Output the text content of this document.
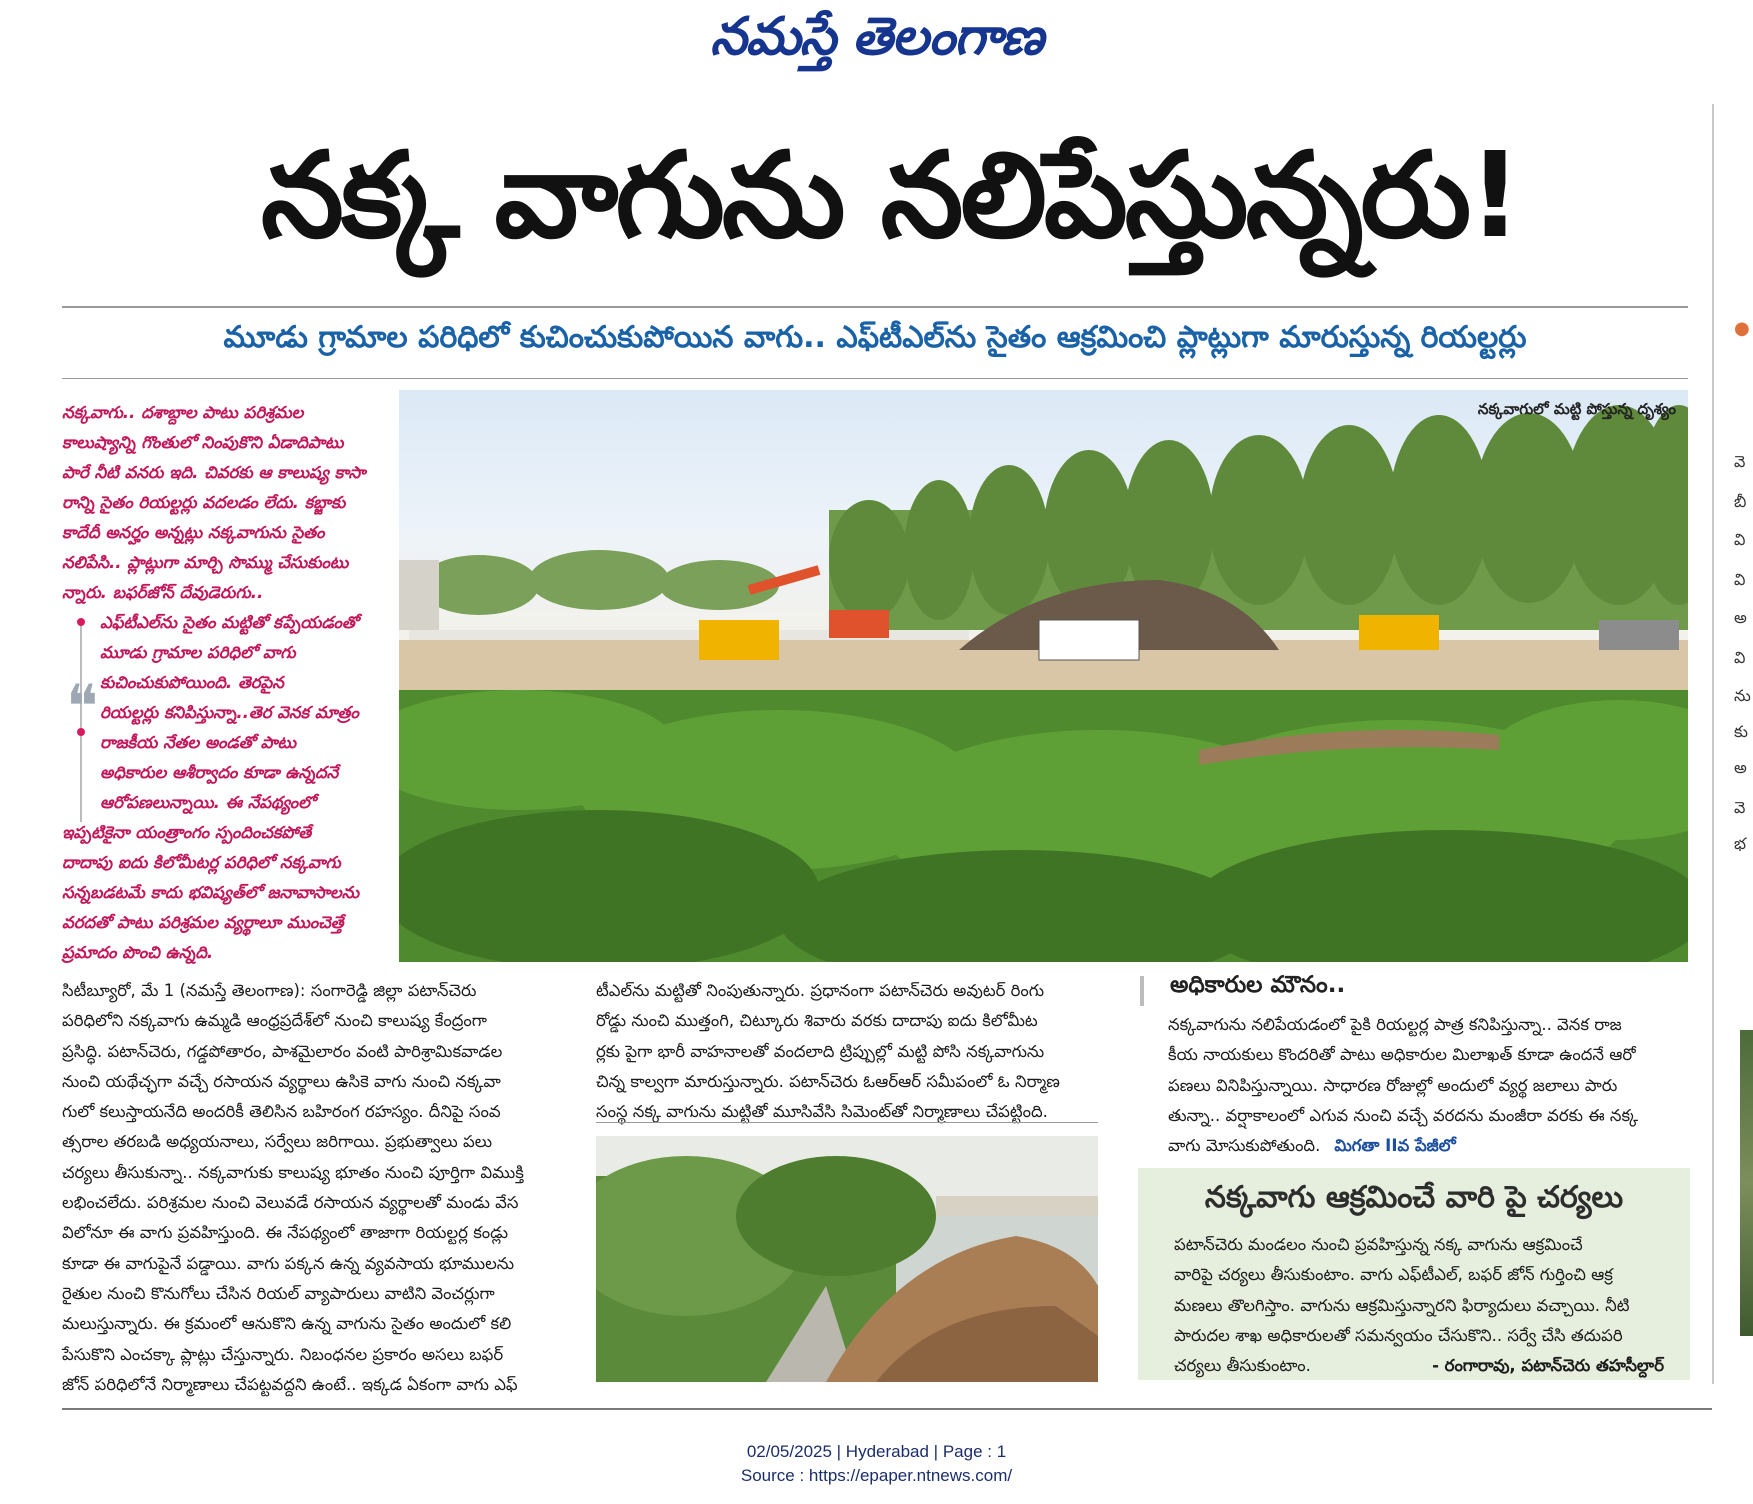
నమస్తే తెలంగాణ
నక్క వాగును నలిపేస్తున్నరు!
మూడు గ్రామాల పరిధిలో కుచించుకుపోయిన వాగు.. ఎఫ్‌టీఎల్‌ను సైతం ఆక్రమించి ప్లాట్లుగా మారుస్తున్న రియల్టర్లు	●
వె
బీ
వి
వి
అ
వి
ను
కు
అ
వె
భ
❝
నక్కవాగు.. దశాబ్దాల పాటు పరిశ్రమల
కాలుష్యాన్ని గొంతులో నింపుకొని ఏడాదిపాటు
పారే నీటి వనరు ఇది. చివరకు ఆ కాలుష్య కాసా
రాన్ని సైతం రియల్టర్లు వదలడం లేదు. కబ్జాకు
కాదేదీ అనర్హం అన్నట్లు నక్కవాగును సైతం
నలిపేసి.. ప్లాట్లుగా మార్చి సొమ్ము చేసుకుంటు
న్నారు. బఫర్‌జోన్ దేవుడెరుగు..
ఎఫ్‌టీఎల్‌ను సైతం మట్టితో కప్పేయడంతో
మూడు గ్రామాల పరిధిలో వాగు
కుచించుకుపోయింది. తెరపైన
రియల్టర్లు కనిపిస్తున్నా..తెర వెనక మాత్రం
రాజకీయ నేతల అండతో పాటు
అధికారుల ఆశీర్వాదం కూడా ఉన్నదనే
ఆరోపణలున్నాయి. ఈ నేపథ్యంలో
ఇప్పటికైనా యంత్రాంగం స్పందించకపోతే
దాదాపు ఐదు కిలోమీటర్ల పరిధిలో నక్కవాగు
సన్నబడటమే కాదు భవిష్యత్‌లో జనావాసాలను
వరదతో పాటు పరిశ్రమల వ్యర్థాలూ ముంచెత్తే
ప్రమాదం పొంచి ఉన్నది.
నక్కవాగులో మట్టి పోస్తున్న దృశ్యం
సిటీబ్యూరో, మే 1 (నమస్తే తెలంగాణ): సంగారెడ్డి జిల్లా పటాన్‌చెరు
పరిధిలోని నక్కవాగు ఉమ్మడి ఆంధ్రప్రదేశ్‌లో నుంచి కాలుష్య కేంద్రంగా
ప్రసిద్ధి. పటాన్‌చెరు, గడ్డపోతారం, పాశమైలారం వంటి పారిశ్రామికవాడల
నుంచి యథేచ్ఛగా వచ్చే రసాయన వ్యర్థాలు ఉసికె వాగు నుంచి నక్కవా
గులో కలుస్తాయనేది అందరికీ తెలిసిన బహిరంగ రహస్యం. దీనిపై సంవ
త్సరాల తరబడి అధ్యయనాలు, సర్వేలు జరిగాయి. ప్రభుత్వాలు పలు
చర్యలు తీసుకున్నా.. నక్కవాగుకు కాలుష్య భూతం నుంచి పూర్తిగా విముక్తి
లభించలేదు. పరిశ్రమల నుంచి వెలువడే రసాయన వ్యర్థాలతో మండు వేస
విలోనూ ఈ వాగు ప్రవహిస్తుంది. ఈ నేపథ్యంలో తాజాగా రియల్టర్ల కండ్లు
కూడా ఈ వాగుపైనే పడ్డాయి. వాగు పక్కన ఉన్న వ్యవసాయ భూములను
రైతుల నుంచి కొనుగోలు చేసిన రియల్ వ్యాపారులు వాటిని వెంచర్లుగా
మలుస్తున్నారు. ఈ క్రమంలో ఆనుకొని ఉన్న వాగును సైతం అందులో కలి
పేసుకొని ఎంచక్కా ప్లాట్లు చేస్తున్నారు. నిబంధనల ప్రకారం అసలు బఫర్
జోన్ పరిధిలోనే నిర్మాణాలు చేపట్టవద్దని ఉంటే.. ఇక్కడ ఏకంగా వాగు ఎఫ్
టీఎల్‌ను మట్టితో నింపుతున్నారు. ప్రధానంగా పటాన్‌చెరు అవుటర్ రింగు
రోడ్డు నుంచి ముత్తంగి, చిట్కూరు శివారు వరకు దాదాపు ఐదు కిలోమీట
ర్లకు పైగా భారీ వాహనాలతో వందలాది ట్రిప్పుల్లో మట్టి పోసి నక్కవాగును
చిన్న కాల్వగా మారుస్తున్నారు. పటాన్‌చెరు ఓఆర్ఆర్ సమీపంలో ఓ నిర్మాణ
సంస్థ నక్క వాగును మట్టితో మూసివేసి సిమెంట్‌తో నిర్మాణాలు చేపట్టింది.
అధికారుల మౌనం..
నక్కవాగును నలిపేయడంలో పైకి రియల్టర్ల పాత్ర కనిపిస్తున్నా.. వెనక రాజ
కీయ నాయకులు కొందరితో పాటు అధికారుల మిలాఖత్ కూడా ఉందనే ఆరో
పణలు వినిపిస్తున్నాయి. సాధారణ రోజుల్లో అందులో వ్యర్థ జలాలు పారు
తున్నా.. వర్షాకాలంలో ఎగువ నుంచి వచ్చే వరదను మంజీరా వరకు ఈ నక్క
వాగు మోసుకుపోతుంది. మిగతా IIవ పేజీలో
నక్కవాగు ఆక్రమించే వారి పై చర్యలు
పటాన్‌చెరు మండలం నుంచి ప్రవహిస్తున్న నక్క వాగును ఆక్రమించే
వారిపై చర్యలు తీసుకుంటాం. వాగు ఎఫ్‌టీఎల్, బఫర్ జోన్ గుర్తించి ఆక్ర
మణలు తొలగిస్తాం. వాగును ఆక్రమిస్తున్నారని ఫిర్యాదులు వచ్చాయి. నీటి
పారుదల శాఖ అధికారులతో సమన్వయం చేసుకొని.. సర్వే చేసి తదుపరి
చర్యలు తీసుకుంటాం.	- రంగారావు, పటాన్‌చెరు తహసీల్దార్
02/05/2025 | Hyderabad | Page : 1
Source : https://epaper.ntnews.com/
